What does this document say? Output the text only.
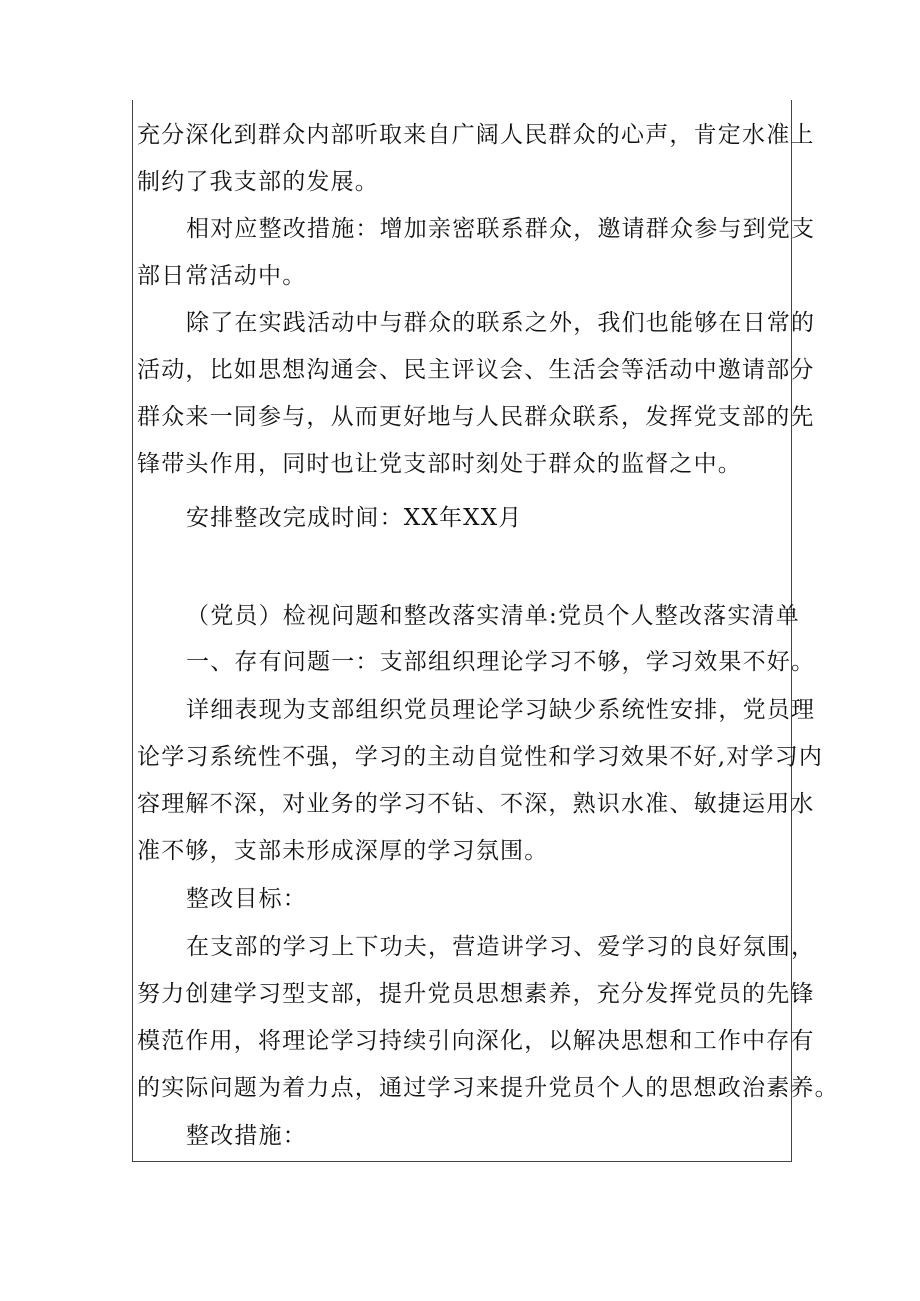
充分深化到群众内部听取来自广阔人民群众的心声，肯定水准上
制约了我支部的发展。
相对应整改措施：增加亲密联系群众，邀请群众参与到党支
部日常活动中。
除了在实践活动中与群众的联系之外，我们也能够在日常的
活动，比如思想沟通会、民主评议会、生活会等活动中邀请部分
群众来一同参与，从而更好地与人民群众联系，发挥党支部的先
锋带头作用，同时也让党支部时刻处于群众的监督之中。
安排整改完成时间：XX年XX月
（党员）检视问题和整改落实清单:党员个人整改落实清单
一、存有问题一：支部组织理论学习不够，学习效果不好。
详细表现为支部组织党员理论学习缺少系统性安排，党员理
论学习系统性不强，学习的主动自觉性和学习效果不好,对学习内
容理解不深，对业务的学习不钻、不深，熟识水准、敏捷运用水
准不够，支部未形成深厚的学习氛围。
整改目标：
在支部的学习上下功夫，营造讲学习、爱学习的良好氛围，
努力创建学习型支部，提升党员思想素养，充分发挥党员的先锋
模范作用，将理论学习持续引向深化，以解决思想和工作中存有
的实际问题为着力点，通过学习来提升党员个人的思想政治素养。
整改措施：
